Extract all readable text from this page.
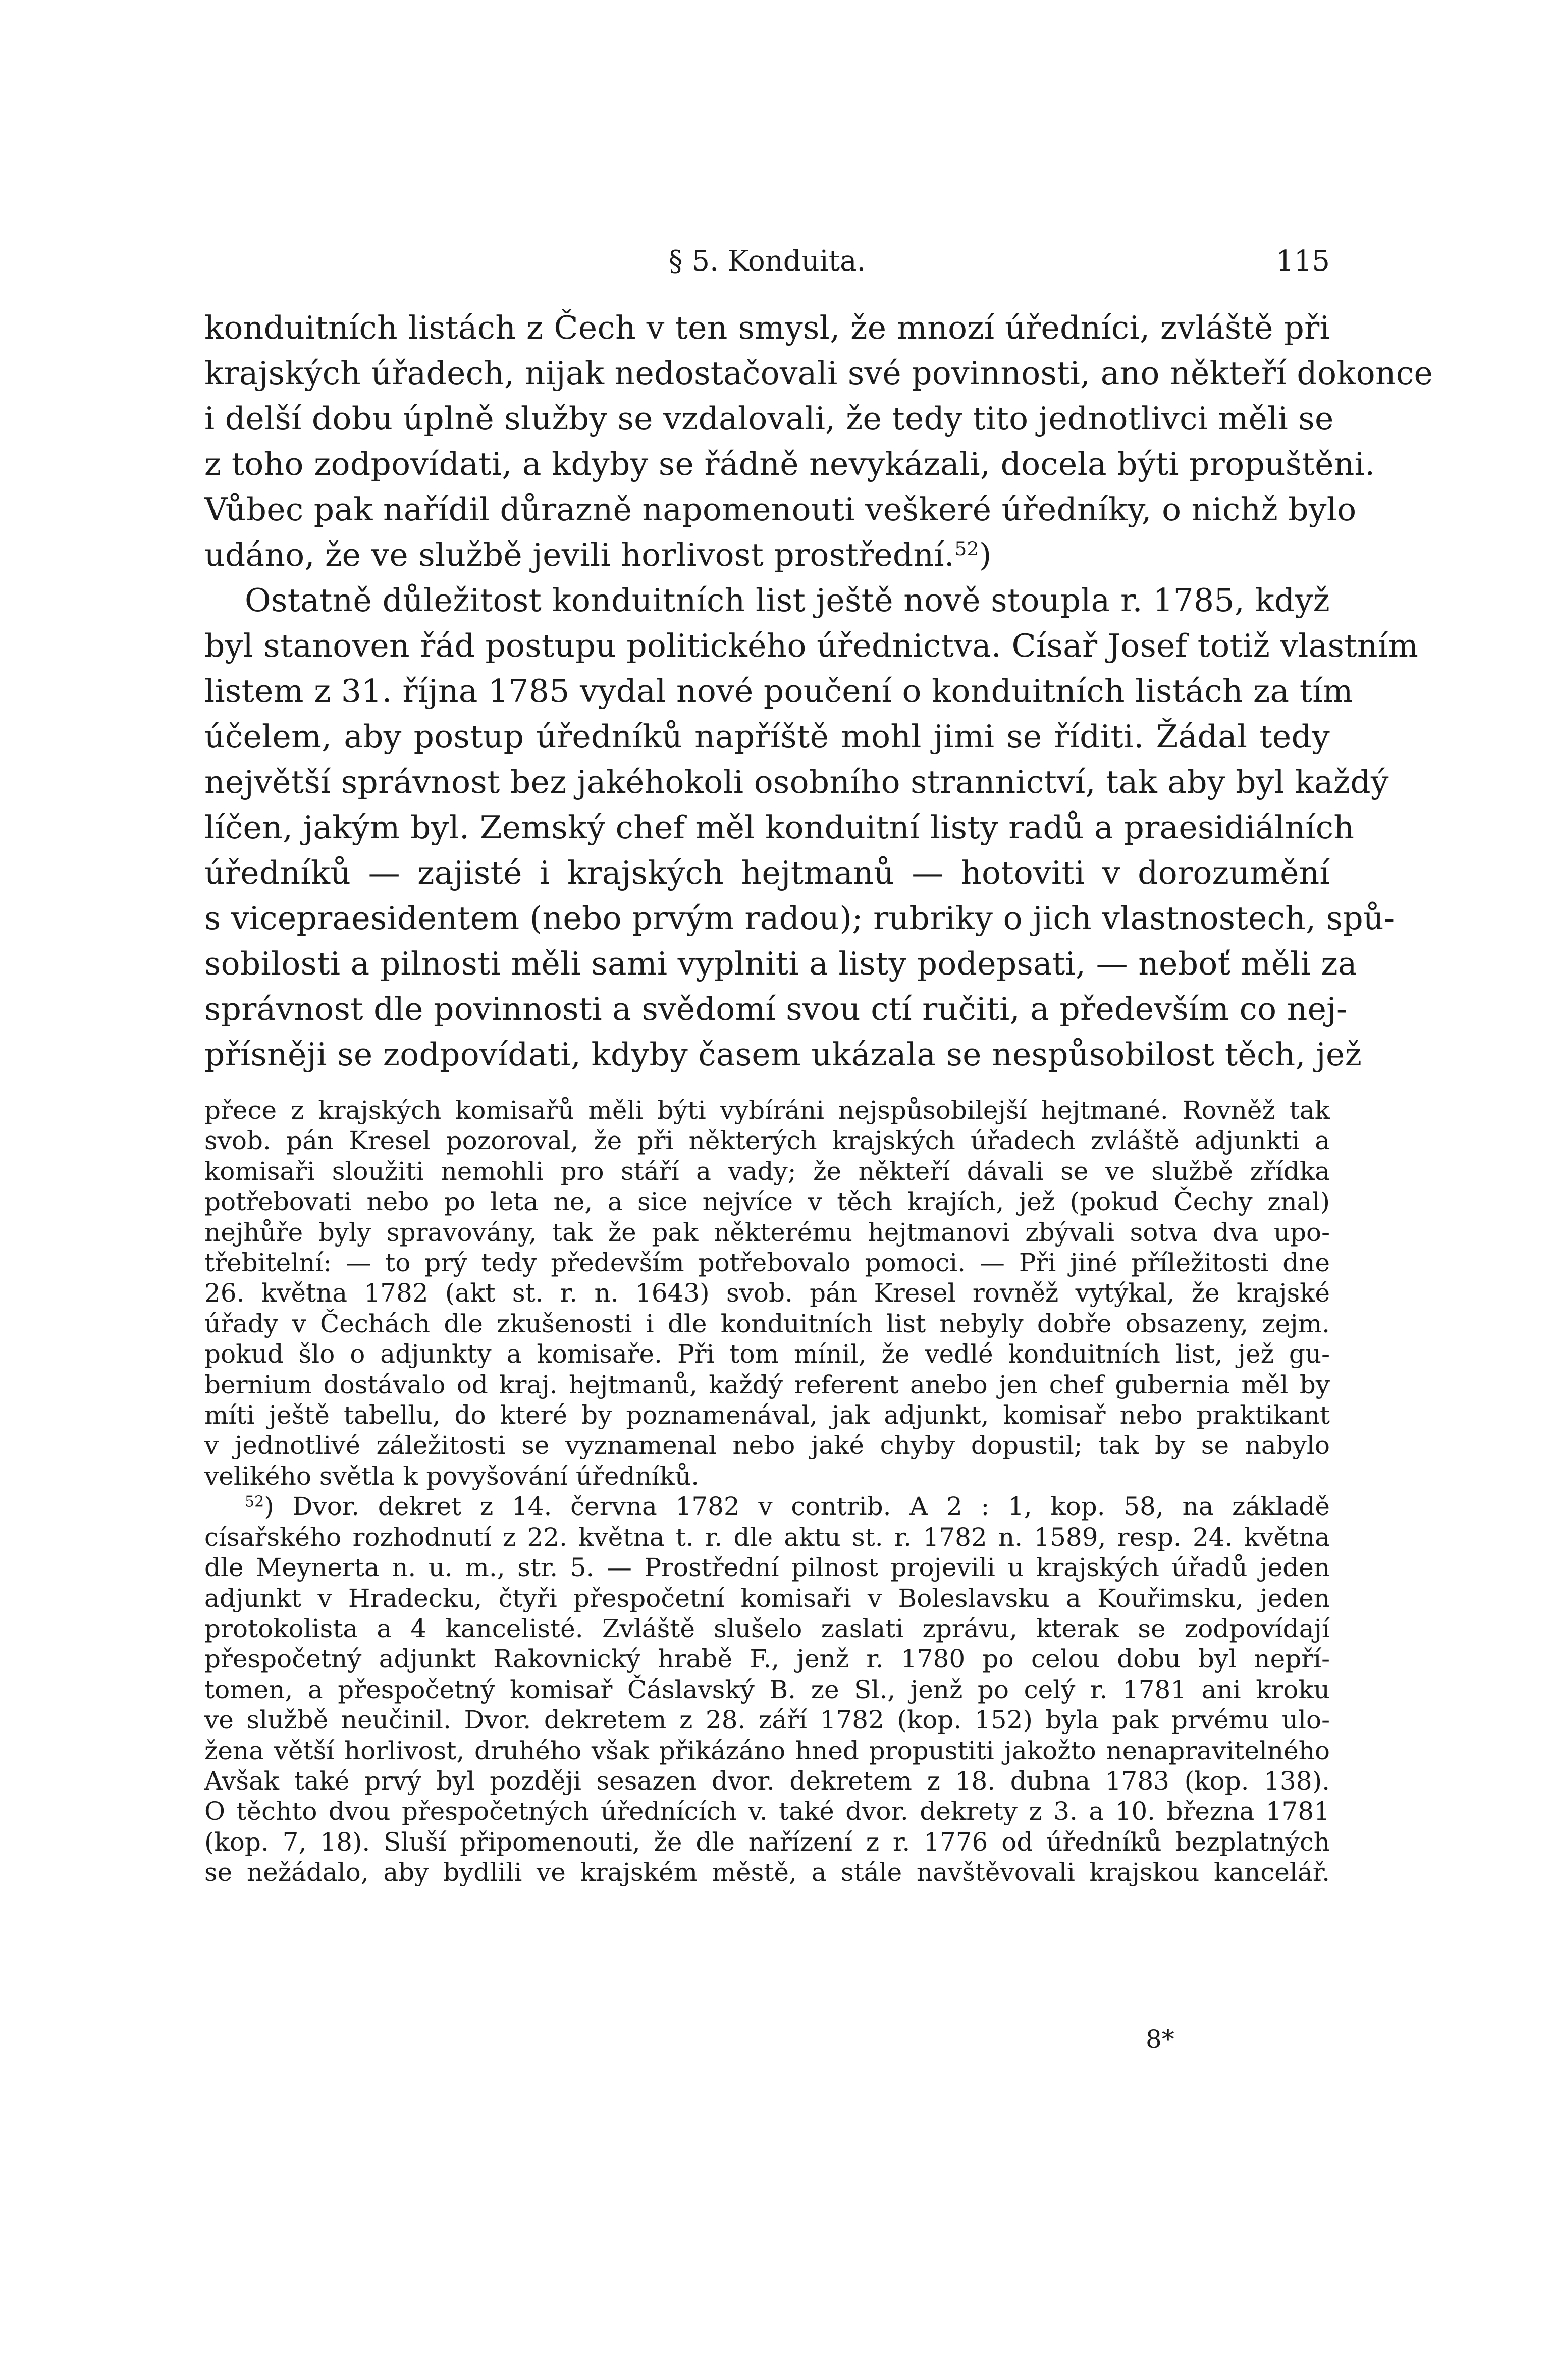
§ 5. Konduita.	115
konduitních listách z Čech v ten smysl, že mnozí úředníci, zvláště při
krajských úřadech, nijak nedostačovali své povinnosti, ano někteří dokonce
i delší dobu úplně služby se vzdalovali, že tedy tito jednotlivci měli se
z toho zodpovídati, a kdyby se řádně nevykázali, docela býti propuštěni.
Vůbec pak nařídil důrazně napomenouti veškeré úředníky, o nichž bylo
udáno, že ve službě jevili horlivost prostřední.$^{52}$)
Ostatně důležitost konduitních list ještě nově stoupla r. 1785, když
byl stanoven řád postupu politického úřednictva. Císař Josef totiž vlastním
listem z 31. října 1785 vydal nové poučení o konduitních listách za tím
účelem, aby postup úředníků napříště mohl jimi se říditi. Žádal tedy
největší správnost bez jakéhokoli osobního strannictví, tak aby byl každý
líčen, jakým byl. Zemský chef měl konduitní listy radů a praesidiálních
úředníků — zajisté i krajských hejtmanů — hotoviti v dorozumění
s vicepraesidentem (nebo prvým radou); rubriky o jich vlastnostech, spů-
sobilosti a pilnosti měli sami vyplniti a listy podepsati, — neboť měli za
správnost dle povinnosti a svědomí svou ctí ručiti, a především co nej-
přísněji se zodpovídati, kdyby časem ukázala se nespůsobilost těch, jež
přece z krajských komisařů měli býti vybíráni nejspůsobilejší hejtmané. Rovněž tak
svob. pán Kresel pozoroval, že při některých krajských úřadech zvláště adjunkti a
komisaři sloužiti nemohli pro stáří a vady; že někteří dávali se ve službě zřídka
potřebovati nebo po leta ne, a sice nejvíce v těch krajích, jež (pokud Čechy znal)
nejhůře byly spravovány, tak že pak některému hejtmanovi zbývali sotva dva upo-
třebitelní: — to prý tedy především potřebovalo pomoci. — Při jiné příležitosti dne
26. května 1782 (akt st. r. n. 1643) svob. pán Kresel rovněž vytýkal, že krajské
úřady v Čechách dle zkušenosti i dle konduitních list nebyly dobře obsazeny, zejm.
pokud šlo o adjunkty a komisaře. Při tom mínil, že vedlé konduitních list, jež gu-
bernium dostávalo od kraj. hejtmanů, každý referent anebo jen chef gubernia měl by
míti ještě tabellu, do které by poznamenával, jak adjunkt, komisař nebo praktikant
v jednotlivé záležitosti se vyznamenal nebo jaké chyby dopustil; tak by se nabylo
velikého světla k povyšování úředníků.
$^{52}$) Dvor. dekret z 14. června 1782 v contrib. A 2 : 1, kop. 58, na základě
císařského rozhodnutí z 22. května t. r. dle aktu st. r. 1782 n. 1589, resp. 24. května
dle Meynerta n. u. m., str. 5. — Prostřední pilnost projevili u krajských úřadů jeden
adjunkt v Hradecku, čtyři přespočetní komisaři v Boleslavsku a Kouřimsku, jeden
protokolista a 4 kancelisté. Zvláště slušelo zaslati zprávu, kterak se zodpovídají
přespočetný adjunkt Rakovnický hrabě F., jenž r. 1780 po celou dobu byl nepří-
tomen, a přespočetný komisař Čáslavský B. ze Sl., jenž po celý r. 1781 ani kroku
ve službě neučinil. Dvor. dekretem z 28. září 1782 (kop. 152) byla pak prvému ulo-
žena větší horlivost, druhého však přikázáno hned propustiti jakožto nenapravitelného
Avšak také prvý byl později sesazen dvor. dekretem z 18. dubna 1783 (kop. 138).
O těchto dvou přespočetných úřednících v. také dvor. dekrety z 3. a 10. března 1781
(kop. 7, 18). Sluší připomenouti, že dle nařízení z r. 1776 od úředníků bezplatných
se nežádalo, aby bydlili ve krajském městě, a stále navštěvovali krajskou kancelář.
8*
